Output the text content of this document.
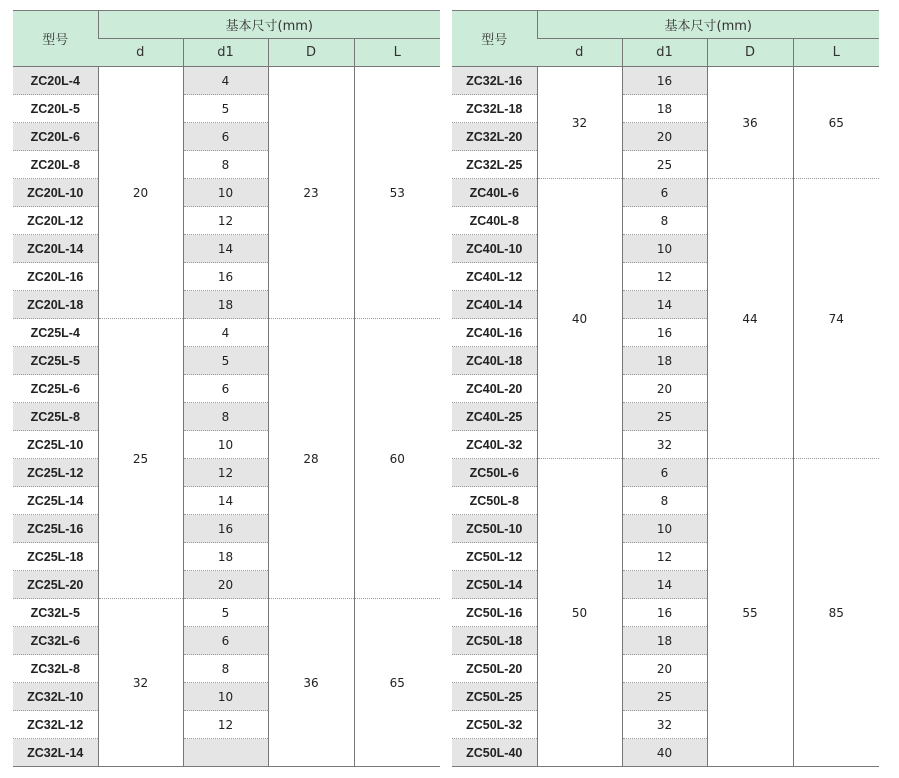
型号	基本尺寸(mm)			
	d	d1	D	L
ZC20L-4	20	4	23	53
ZC20L-5		5		
ZC20L-6		6		
ZC20L-8		8		
ZC20L-10		10		
ZC20L-12		12		
ZC20L-14		14		
ZC20L-16		16		
ZC20L-18		18		
ZC25L-4	25	4	28	60
ZC25L-5		5		
ZC25L-6		6		
ZC25L-8		8		
ZC25L-10		10		
ZC25L-12		12		
ZC25L-14		14		
ZC25L-16		16		
ZC25L-18		18		
ZC25L-20		20		
ZC32L-5	32	5	36	65
ZC32L-6		6		
ZC32L-8		8		
ZC32L-10		10		
ZC32L-12		12		
ZC32L-14				
型号	基本尺寸(mm)			
	d	d1	D	L
ZC32L-16	32	16	36	65
ZC32L-18		18		
ZC32L-20		20		
ZC32L-25		25		
ZC40L-6	40	6	44	74
ZC40L-8		8		
ZC40L-10		10		
ZC40L-12		12		
ZC40L-14		14		
ZC40L-16		16		
ZC40L-18		18		
ZC40L-20		20		
ZC40L-25		25		
ZC40L-32		32		
ZC50L-6	50	6	55	85
ZC50L-8		8		
ZC50L-10		10		
ZC50L-12		12		
ZC50L-14		14		
ZC50L-16		16		
ZC50L-18		18		
ZC50L-20		20		
ZC50L-25		25		
ZC50L-32		32		
ZC50L-40		40		
